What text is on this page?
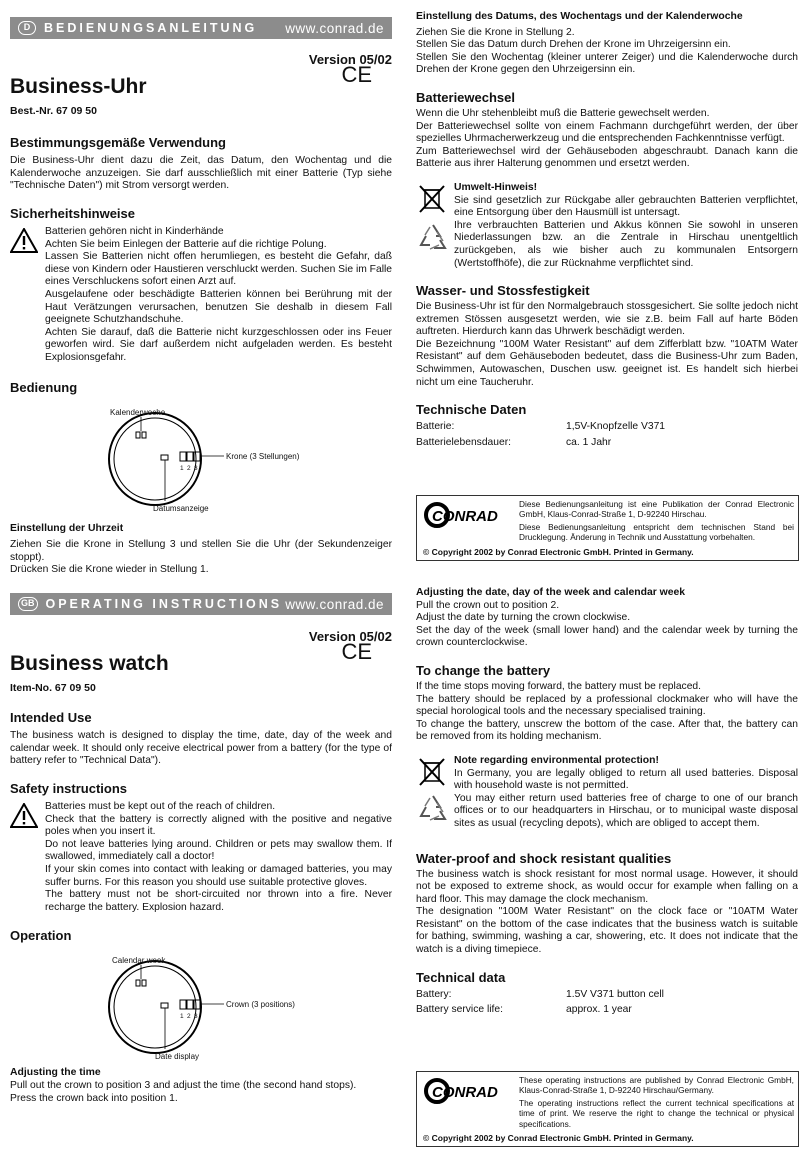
D	BEDIENUNGSANLEITUNG	www.conrad.de
Version 05/02
Business-Uhr	CE
Best.-Nr. 67 09 50
Bestimmungsgemäße Verwendung

Die Business-Uhr dient dazu die Zeit, das Datum, den Wochentag und die Kalenderwoche anzuzeigen. Sie darf ausschließlich mit einer Batterie (Typ siehe "Technische Daten") mit Strom versorgt werden.

Sicherheitshinweise

Batterien gehören nicht in Kinderhände

Achten Sie beim Einlegen der Batterie auf die richtige Polung.

Lassen Sie Batterien nicht offen herumliegen, es besteht die Gefahr, daß diese von Kindern oder Haustieren verschluckt werden. Suchen Sie im Falle eines Verschluckens sofort einen Arzt auf.

Ausgelaufene oder beschädigte Batterien können bei Berührung mit der Haut Verätzungen verursachen, benutzen Sie deshalb in diesem Fall geeignete Schutzhandschuhe.

Achten Sie darauf, daß die Batterie nicht kurzgeschlossen oder ins Feuer geworfen wird. Sie darf außerdem nicht aufgeladen werden. Es besteht Explosionsgefahr.

Bedienung
Kalenderwoche
Krone (3 Stellungen)
1 2 3
Datumsanzeige
Einstellung der Uhrzeit

Ziehen Sie die Krone in Stellung 3 und stellen Sie die Uhr (der Sekundenzeiger stoppt).

Drücken Sie die Krone wieder in Stellung 1.

Einstellung des Datums, des Wochentags und der Kalenderwoche

Ziehen Sie die Krone in Stellung 2.

Stellen Sie das Datum durch Drehen der Krone im Uhrzeigersinn ein.

Stellen Sie den Wochentag (kleiner unterer Zeiger) und die Kalenderwoche durch Drehen der Krone gegen den Uhrzeigersinn ein.

Batteriewechsel

Wenn die Uhr stehenbleibt muß die Batterie gewechselt werden.

Der Batteriewechsel sollte von einem Fachmann durchgeführt werden, der über spezielles Uhrmacherwerkzeug und die entsprechenden Fachkenntnisse verfügt.

Zum Batteriewechsel wird der Gehäuseboden abgeschraubt. Danach kann die Batterie aus ihrer Halterung genommen und ersetzt werden.

Umwelt-Hinweis!

Sie sind gesetzlich zur Rückgabe aller gebrauchten Batterien verpflichtet, eine Entsorgung über den Hausmüll ist untersagt.

Ihre verbrauchten Batterien und Akkus können Sie sowohl in unseren Niederlassungen bzw. an die Zentrale in Hirschau unentgeltlich zurückgeben, als wie bisher auch zu kommunalen Entsorgern (Wertstoffhöfe), die zur Rücknahme verpflichtet sind.

Wasser- und Stossfestigkeit

Die Business-Uhr ist für den Normalgebrauch stossgesichert. Sie sollte jedoch nicht extremen Stössen ausgesetzt werden, wie sie z.B. beim Fall auf harte Böden auftreten. Hierdurch kann das Uhrwerk beschädigt werden.

Die Bezeichnung "100M Water Resistant" auf dem Zifferblatt bzw. "10ATM Water Resistant" auf dem Gehäuseboden bedeutet, dass die Business-Uhr zum Baden, Schwimmen, Autowaschen, Duschen usw. geeignet ist. Es handelt sich hierbei nicht um eine Taucheruhr.

Technische Daten
Batterie:	1,5V-Knopfzelle V371
Batterielebensdauer:	ca. 1 Jahr
CONRAD
Diese Bedienungsanleitung ist eine Publikation der Conrad Electronic GmbH, Klaus-Conrad-Straße 1, D-92240 Hirschau.
Diese Bedienungsanleitung entspricht dem technischen Stand bei Drucklegung. Änderung in Technik und Ausstattung vorbehalten.
© Copyright 2002 by Conrad Electronic GmbH. Printed in Germany.
GB OPERATING INSTRUCTIONS www.conrad.de
Version 05/02
Business watch	CE
Item-No. 67 09 50
Intended Use

The business watch is designed to display the time, date, day of the week and calendar week. It should only receive electrical power from a battery (for the type of battery refer to "Technical Data").

Safety instructions

Batteries must be kept out of the reach of children.

Check that the battery is correctly aligned with the positive and negative poles when you insert it.

Do not leave batteries lying around. Children or pets may swallow them. If swallowed, immediately call a doctor!

If your skin comes into contact with leaking or damaged batteries, you may suffer burns. For this reason you should use suitable protective gloves.

The battery must not be short-circuited nor thrown into a fire. Never recharge the battery. Explosion hazard.

Operation
Calendar week
Crown (3 positions)
1 2 3
Date display
Adjusting the time

Pull out the crown to position 3 and adjust the time (the second hand stops).

Press the crown back into position 1.

Adjusting the date, day of the week and calendar week

Pull the crown out to position 2.

Adjust the date by turning the crown clockwise.

Set the day of the week (small lower hand) and the calendar week by turning the crown counterclockwise.

To change the battery

If the time stops moving forward, the battery must be replaced.

The battery should be replaced by a professional clockmaker who will have the special horological tools and the necessary specialised training.

To change the battery, unscrew the bottom of the case. After that, the battery can be removed from its holding mechanism.

Note regarding environmental protection!

In Germany, you are legally obliged to return all used batteries. Disposal with household waste is not permitted.

You may either return used batteries free of charge to one of our branch offices or to our headquarters in Hirschau, or to municipal waste disposal sites as usual (recycling depots), which are obliged to accept them.

Water-proof and shock resistant qualities

The business watch is shock resistant for most normal usage. However, it should not be exposed to extreme shock, as would occur for example when falling on a hard floor. This may damage the clock mechanism.

The designation "100M Water Resistant" on the clock face or "10ATM Water Resistant" on the bottom of the case indicates that the business watch is suitable for bathing, swimming, washing a car, showering, etc. It does not indicate that the watch is a diving timepiece.

Technical data
Battery:	1.5V V371 button cell
Battery service life:	approx. 1 year
CONRAD
These operating instructions are published by Conrad Electronic GmbH, Klaus-Conrad-Straße 1, D-92240 Hirschau/Germany.
The operating instructions reflect the current technical specifications at time of print. We reserve the right to change the technical or physical specifications.
© Copyright 2002 by Conrad Electronic GmbH. Printed in Germany.
